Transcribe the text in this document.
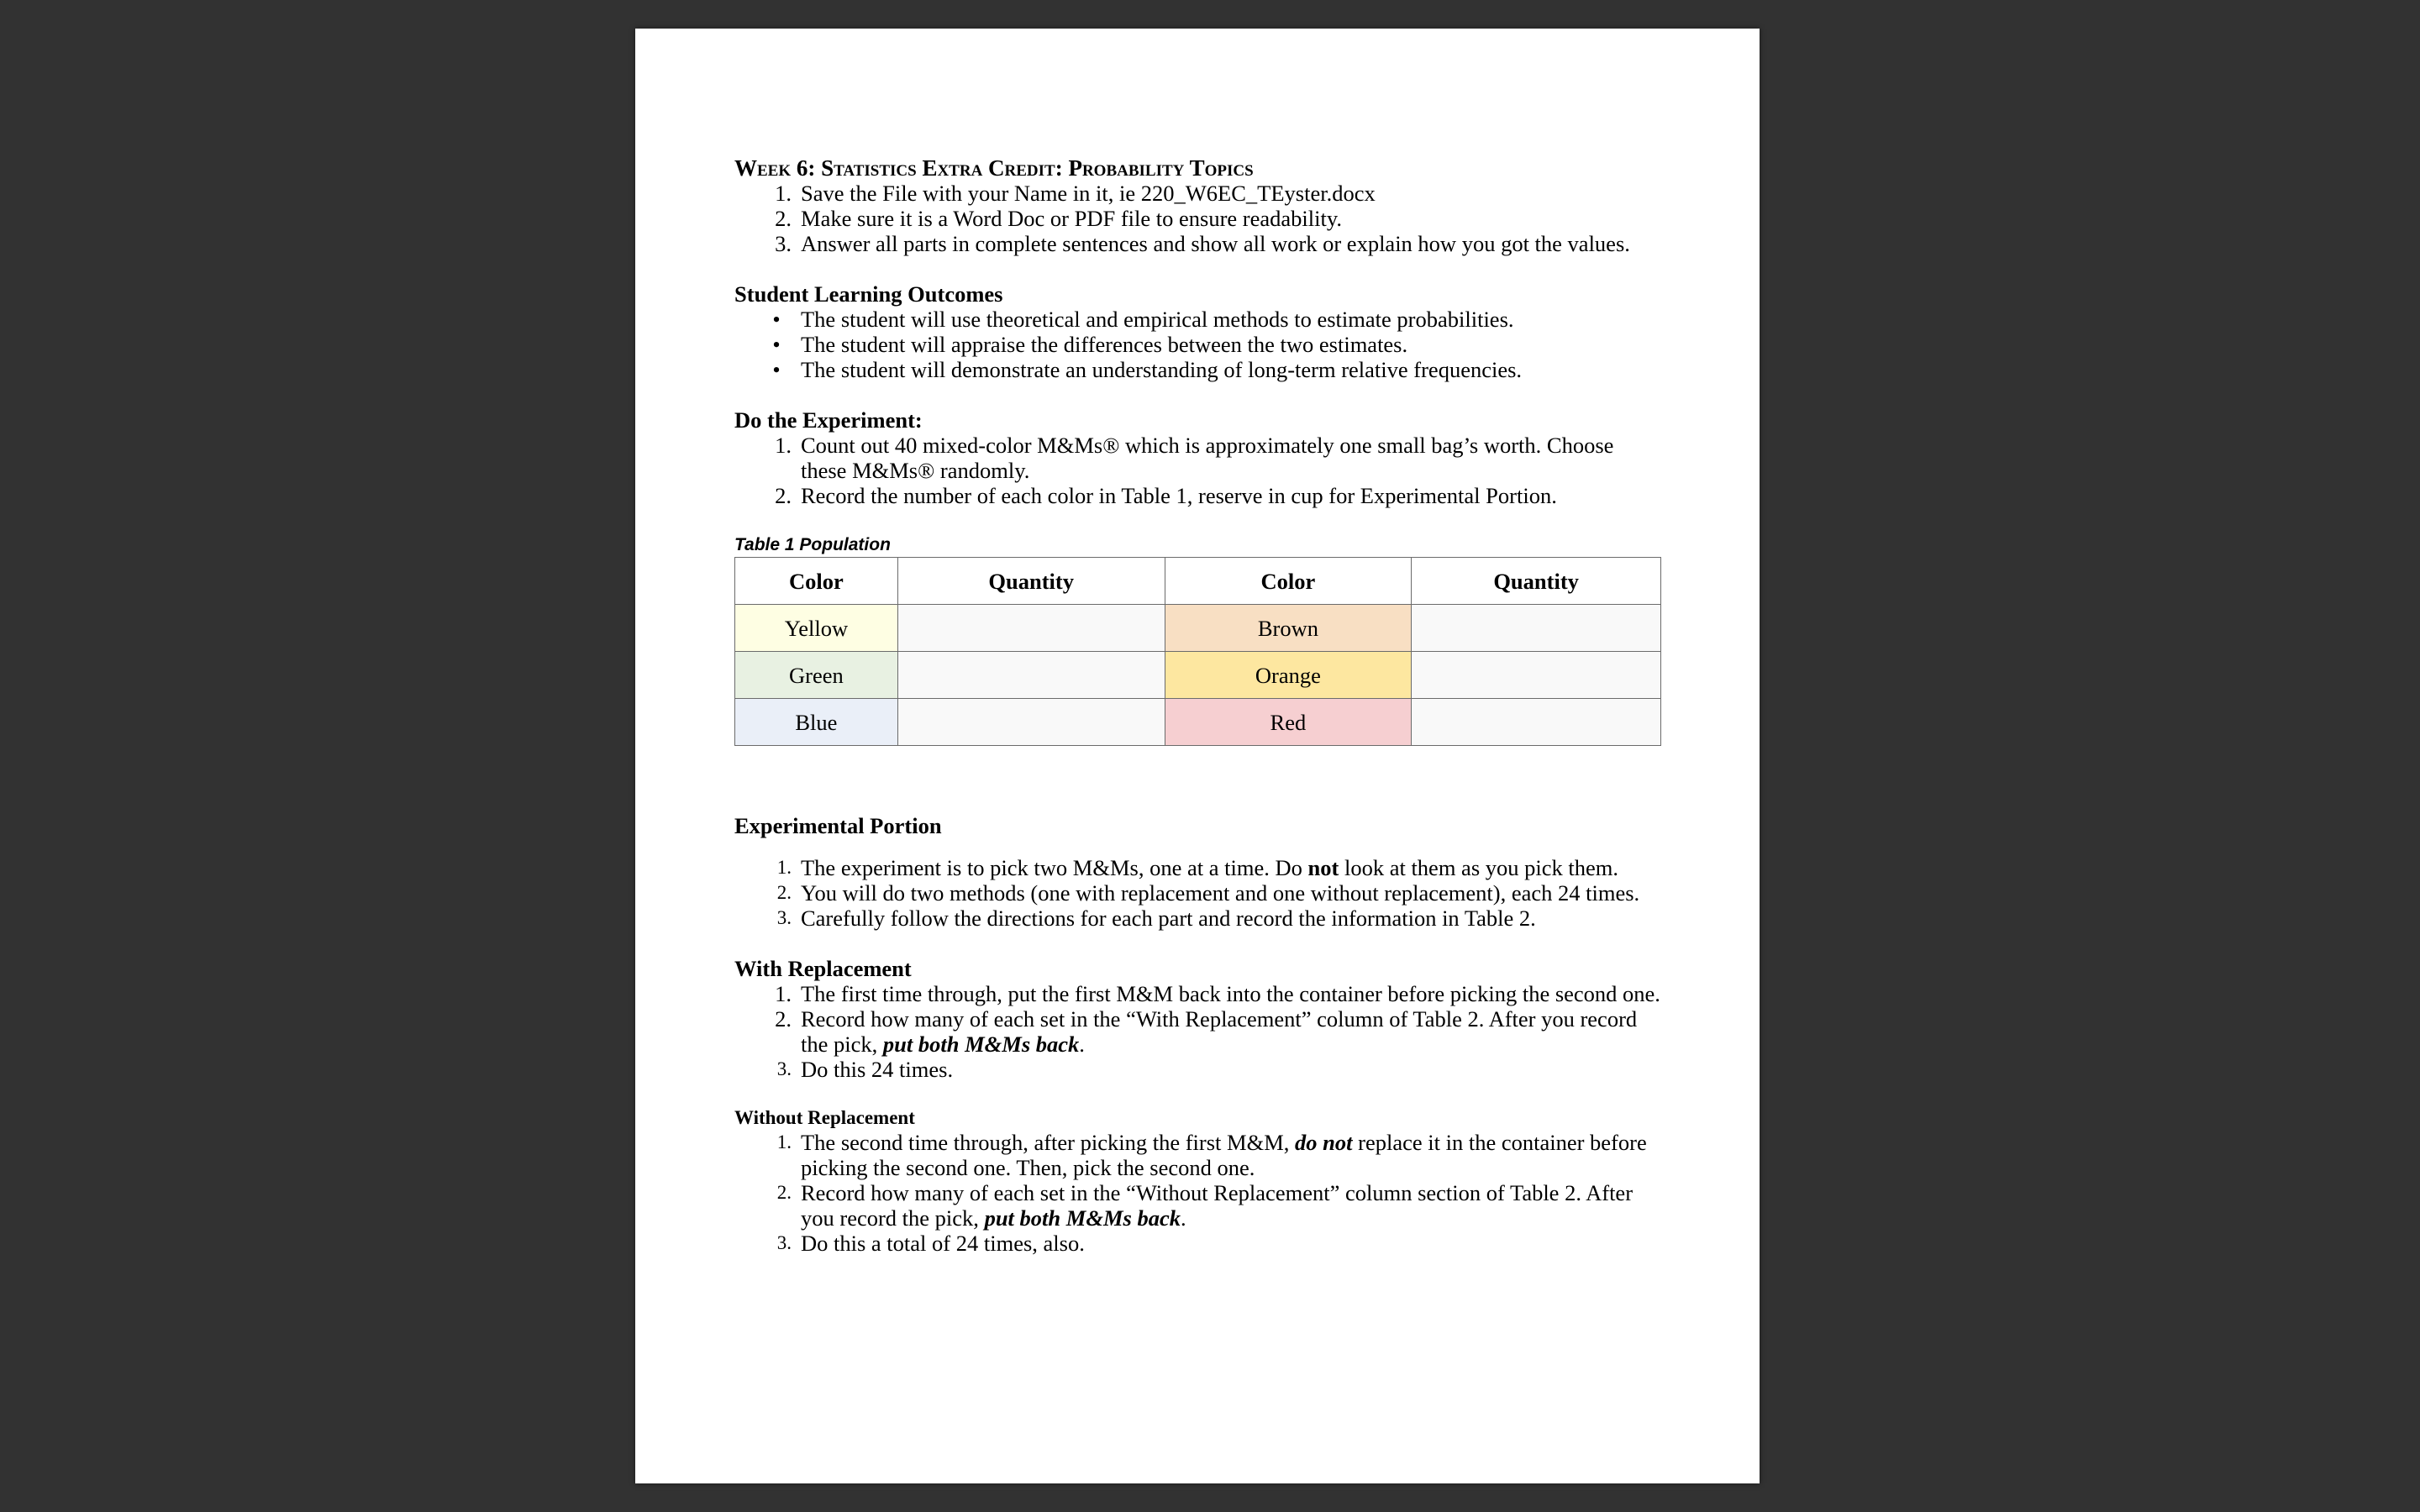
Week 6: Statistics Extra Credit: Probability Topics

1. Save the File with your Name in it, ie 220_W6EC_TEyster.docx
2. Make sure it is a Word Doc or PDF file to ensure readability.
3. Answer all parts in complete sentences and show all work or explain how you got the values.

Student Learning Outcomes

• The student will use theoretical and empirical methods to estimate probabilities.
• The student will appraise the differences between the two estimates.
• The student will demonstrate an understanding of long-term relative frequencies.

Do the Experiment:

1. Count out 40 mixed-color M&Ms® which is approximately one small bag’s worth. Choose these M&Ms® randomly.
2. Record the number of each color in Table 1, reserve in cup for Experimental Portion.

Table 1 Population

Color	Quantity	Color	Quantity
Yellow		Brown	
Green		Orange	
Blue		Red	

Experimental Portion

1. The experiment is to pick two M&Ms, one at a time. Do not look at them as you pick them.
2. You will do two methods (one with replacement and one without replacement), each 24 times.
3. Carefully follow the directions for each part and record the information in Table 2.

With Replacement

1. The first time through, put the first M&M back into the container before picking the second one.
2. Record how many of each set in the “With Replacement” column of Table 2. After you record the pick, put both M&Ms back.
3. Do this 24 times.

Without Replacement

1. The second time through, after picking the first M&M, do not replace it in the container before picking the second one. Then, pick the second one.
2. Record how many of each set in the “Without Replacement” column section of Table 2. After you record the pick, put both M&Ms back.
3. Do this a total of 24 times, also.
